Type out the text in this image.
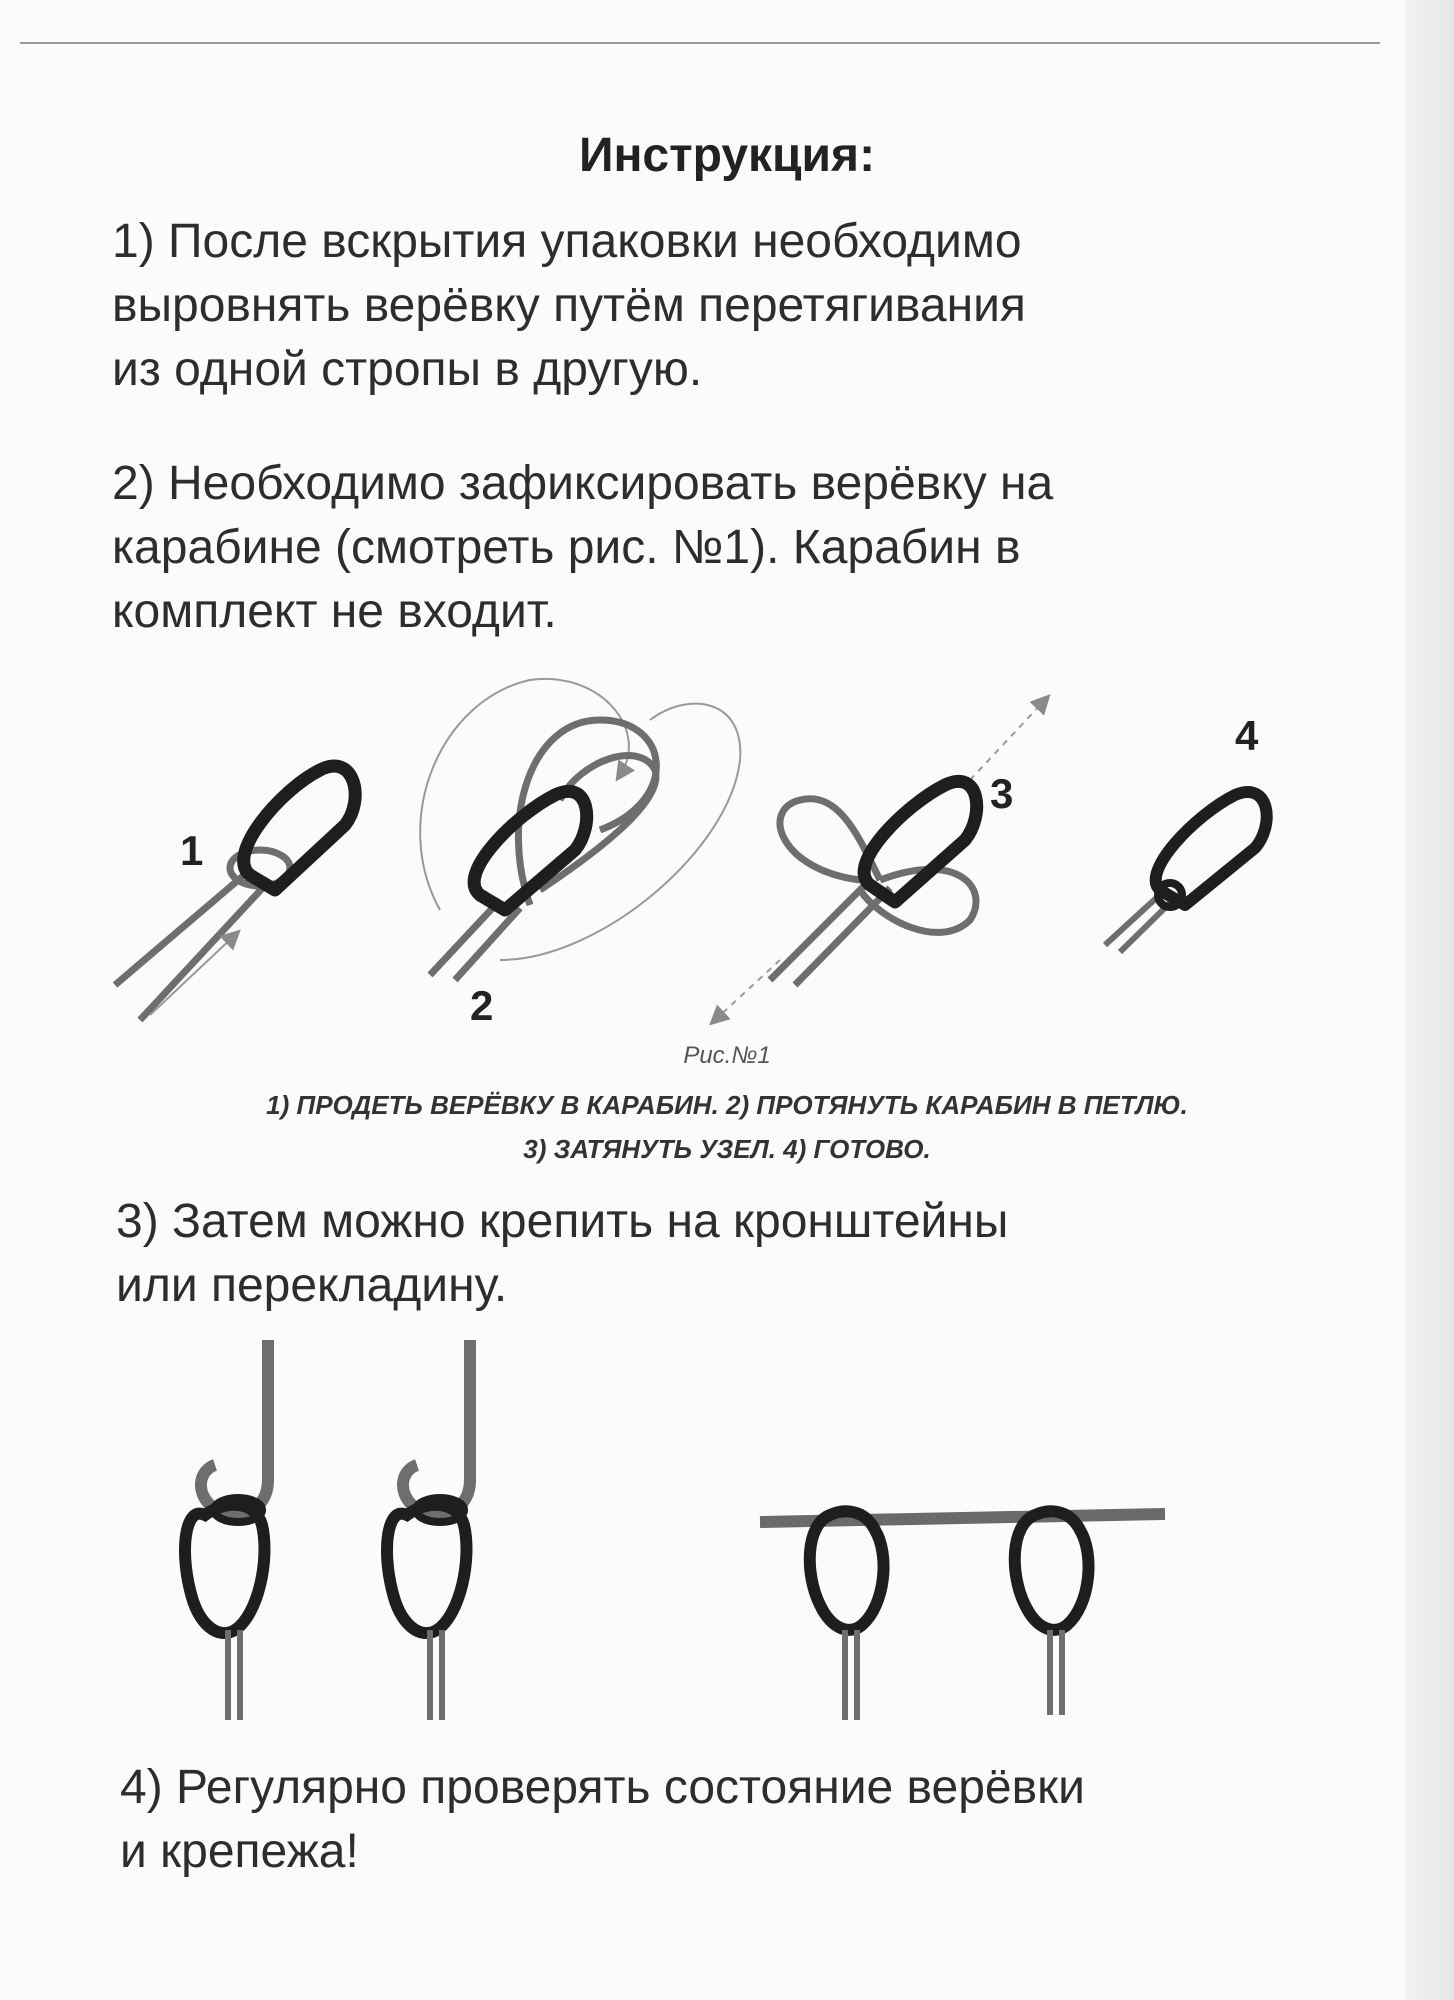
Инструкция:

1) После вскрытия упаковки необходимо
выровнять верёвку путём перетягивания
из одной стропы в другую.

2) Необходимо зафиксировать верёвку на
карабине (смотреть рис. №1). Карабин в
комплект не входит.

1
2
3
4
Рис.№1
1) ПРОДЕТЬ ВЕРЁВКУ В КАРАБИН. 2) ПРОТЯНУТЬ КАРАБИН В ПЕТЛЮ.
3) ЗАТЯНУТЬ УЗЕЛ. 4) ГОТОВО.

3) Затем можно крепить на кронштейны
или перекладину.

4) Регулярно проверять состояние верёвки
и крепежа!
